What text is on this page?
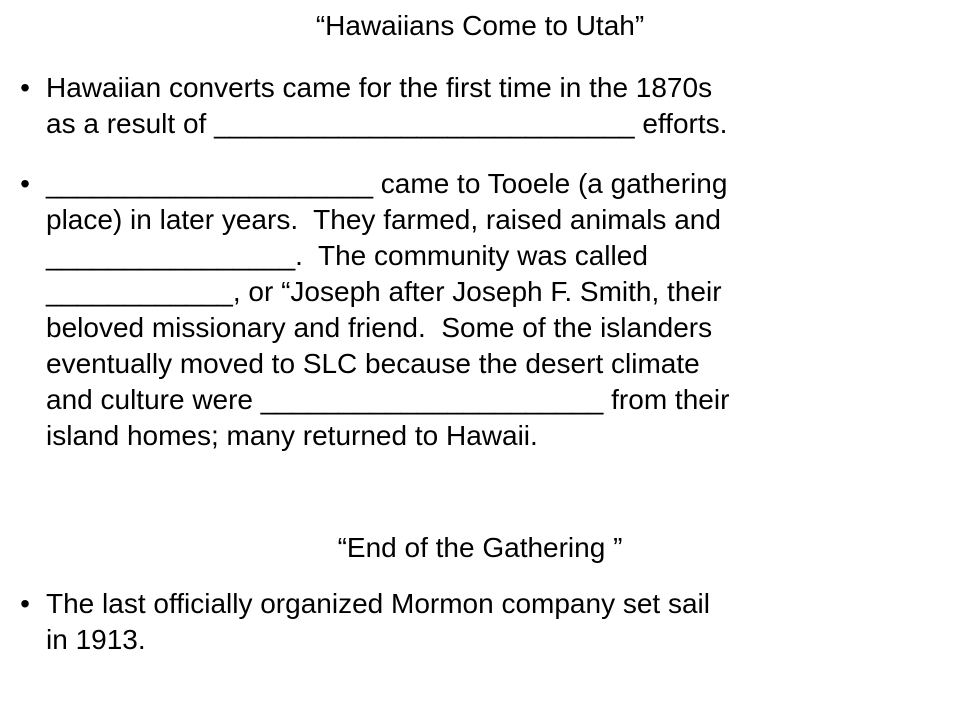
“Hawaiians Come to Utah”
• Hawaiian converts came for the first time in the 1870s
as a result of ___________________________ efforts.
• _____________________ came to Tooele (a gathering
place) in later years.  They farmed, raised animals and
________________.  The community was called
____________, or “Joseph after Joseph F. Smith, their
beloved missionary and friend.  Some of the islanders
eventually moved to SLC because the desert climate
and culture were ______________________ from their
island homes; many returned to Hawaii.
“End of the Gathering ”
• The last officially organized Mormon company set sail
in 1913.
